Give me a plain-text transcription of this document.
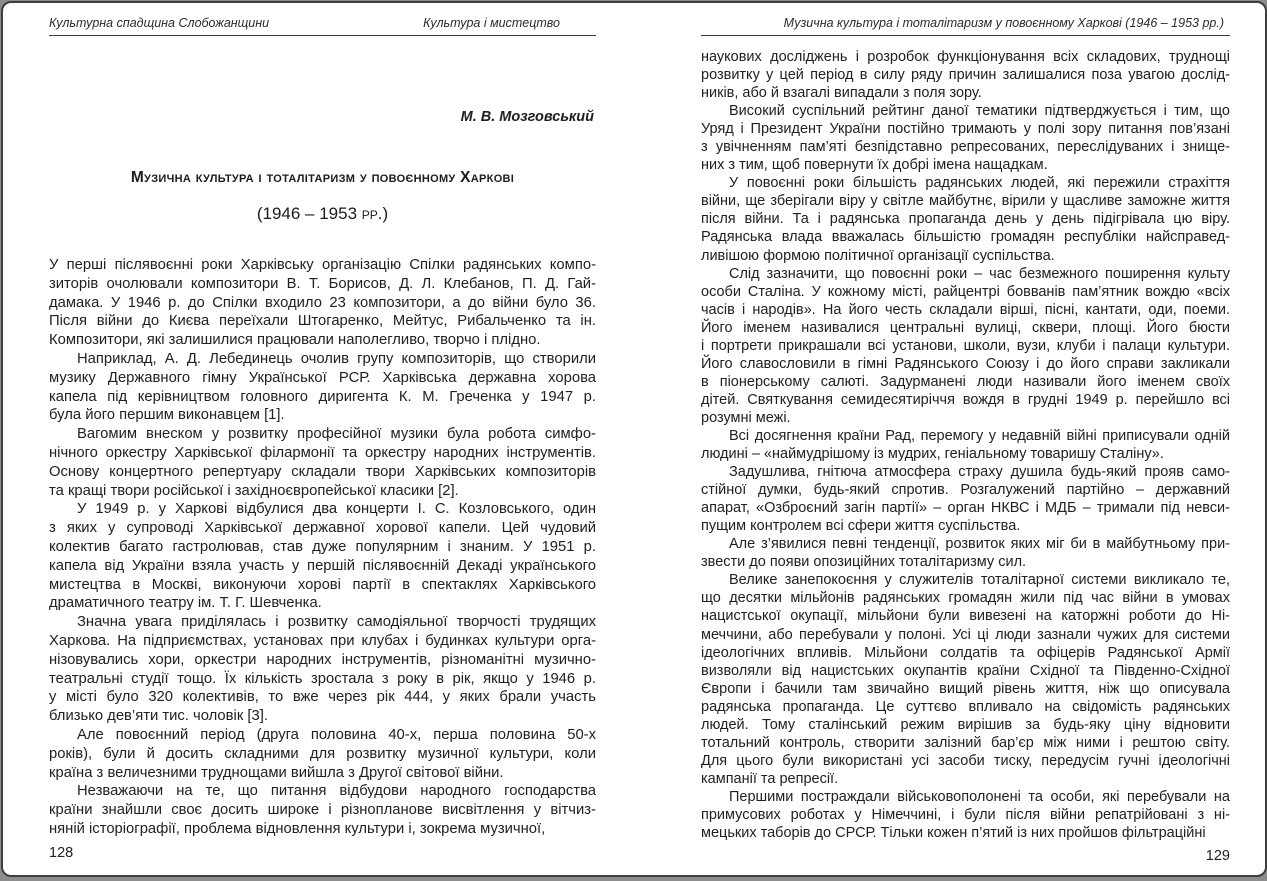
Культурна спадщина Слобожанщини	Культура і мистецтво
М. В. Мозговський
Музична культура і тоталітаризм у повоєнному Харкові
(1946 – 1953 рр.)
У перші післявоєнні роки Харківську організацію Спілки радянських компо-
зиторів очолювали композитори В. Т. Борисов, Д. Л. Клебанов, П. Д. Гай-
дамака. У 1946 р. до Спілки входило 23 композитори, а до війни було 36.
Після війни до Києва переїхали Штогаренко, Мейтус, Рибальченко та ін.
Композитори, які залишилися працювали наполегливо, творчо і плідно.
Наприклад, А. Д. Лебединець очолив групу композиторів, що створили
музику Державного гімну Української РСР. Харківська державна хорова
капела під керівництвом головного диригента К. М. Греченка у 1947 р.
була його першим виконавцем [1].
Вагомим внеском у розвитку професійної музики була робота симфо-
нічного оркестру Харківської філармонії та оркестру народних інструментів.
Основу концертного репертуару складали твори Харківських композиторів
та кращі твори російської і західноєвропейської класики [2].
У 1949 р. у Харкові відбулися два концерти І. С. Козловського, один
з яких у супроводі Харківської державної хорової капели. Цей чудовий
колектив багато гастролював, став дуже популярним і знаним. У 1951 р.
капела від України взяла участь у першій післявоєнній Декаді українського
мистецтва в Москві, виконуючи хорові партії в спектаклях Харківського
драматичного театру ім. Т. Г. Шевченка.
Значна увага приділялась і розвитку самодіяльної творчості трудящих
Харкова. На підприємствах, установах при клубах і будинках культури орга-
нізовувались хори, оркестри народних інструментів, різноманітні музично-
театральні студії тощо. Їх кількість зростала з року в рік, якщо у 1946 р.
у місті було 320 колективів, то вже через рік 444, у яких брали участь
близько дев’яти тис. чоловік [3].
Але повоєнний період (друга половина 40-х, перша половина 50-х
років), були й досить складними для розвитку музичної культури, коли
країна з величезними труднощами вийшла з Другої світової війни.
Незважаючи на те, що питання відбудови народного господарства
країни знайшли своє досить широке і різнопланове висвітлення у вітчиз-
няній історіографії, проблема відновлення культури і, зокрема музичної,
128
Музична культура і тоталітаризм у повоєнному Харкові (1946 – 1953 рр.)
наукових досліджень і розробок функціонування всіх складових, труднощі
розвитку у цей період в силу ряду причин залишалися поза увагою дослід-
ників, або й взагалі випадали з поля зору.
Високий суспільний рейтинг даної тематики підтверджується і тим, що
Уряд і Президент України постійно тримають у полі зору питання пов’язані
з увічненням пам’яті безпідставно репресованих, переслідуваних і знище-
них з тим, щоб повернути їх добрі імена нащадкам.
У повоєнні роки більшість радянських людей, які пережили страхіття
війни, ще зберігали віру у світле майбутнє, вірили у щасливе заможне життя
після війни. Та і радянська пропаганда день у день підігрівала цю віру.
Радянська влада вважалась більшістю громадян республіки найсправед-
ливішою формою політичної організації суспільства.
Слід зазначити, що повоєнні роки – час безмежного поширення культу
особи Сталіна. У кожному місті, райцентрі бовванів пам’ятник вождю «всіх
часів і народів». На його честь складали вірші, пісні, кантати, оди, поеми.
Його іменем називалися центральні вулиці, сквери, площі. Його бюсти
і портрети прикрашали всі установи, школи, вузи, клуби і палаци культури.
Його славословили в гімні Радянського Союзу і до його справи закликали
в піонерському салюті. Задурманені люди називали його іменем своїх
дітей. Святкування семидесятиріччя вождя в грудні 1949 р. перейшло всі
розумні межі.
Всі досягнення країни Рад, перемогу у недавній війні приписували одній
людині – «наймудрішому із мудрих, геніальному товаришу Сталіну».
Задушлива, гнітюча атмосфера страху душила будь-який прояв само-
стійної думки, будь-який спротив. Розгалужений партійно – державний
апарат, «Озброєний загін партії» – орган НКВС і МДБ – тримали під невси-
пущим контролем всі сфери життя суспільства.
Але з’явилися певні тенденції, розвиток яких міг би в майбутньому при-
звести до появи опозиційних тоталітаризму сил.
Велике занепокоєння у служителів тоталітарної системи викликало те,
що десятки мільйонів радянських громадян жили під час війни в умовах
нацистської окупації, мільйони були вивезені на каторжні роботи до Ні-
меччини, або перебували у полоні. Усі ці люди зазнали чужих для системи
ідеологічних впливів. Мільйони солдатів та офіцерів Радянської Армії
визволяли від нацистських окупантів країни Східної та Південно-Східної
Європи і бачили там звичайно вищий рівень життя, ніж що описувала
радянська пропаганда. Це суттєво впливало на свідомість радянських
людей. Тому сталінський режим вирішив за будь-яку ціну відновити
тотальний контроль, створити залізний бар’єр між ними і рештою світу.
Для цього були використані усі засоби тиску, передусім гучні ідеологічні
кампанії та репресії.
Першими постраждали військовополонені та особи, які перебували на
примусових роботах у Німеччині, і були після війни репатрійовані з ні-
мецьких таборів до СРСР. Тільки кожен п’ятий із них пройшов фільтраційні
129
